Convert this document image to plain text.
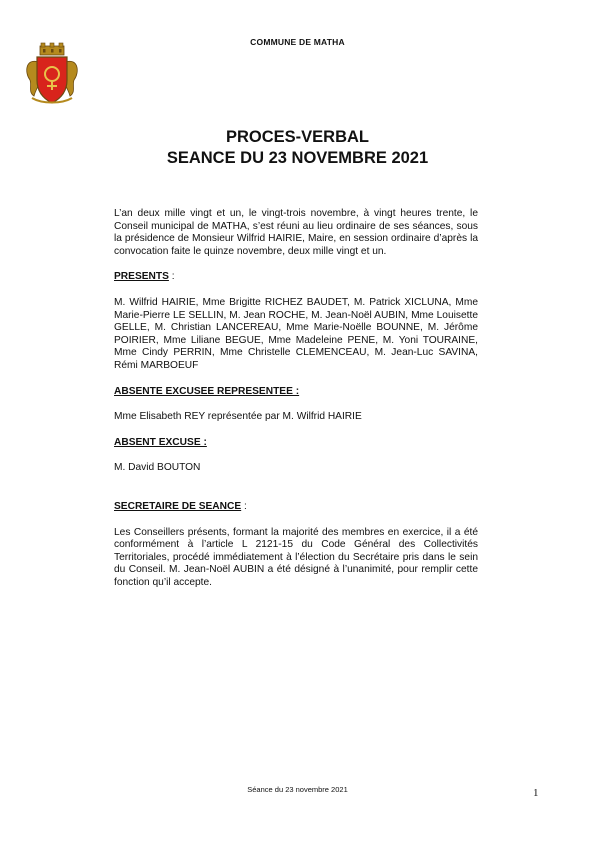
COMMUNE DE MATHA
PROCES-VERBAL
SEANCE DU 23 NOVEMBRE 2021

L’an deux mille vingt et un, le vingt-trois novembre, à vingt heures trente, le Conseil municipal de MATHA, s’est réuni au lieu ordinaire de ses séances, sous la présidence de Monsieur Wilfrid HAIRIE, Maire, en session ordinaire d’après la convocation faite le quinze novembre, deux mille vingt et un.

PRESENTS :

M. Wilfrid HAIRIE, Mme Brigitte RICHEZ BAUDET, M. Patrick XICLUNA, Mme Marie-Pierre LE SELLIN, M. Jean ROCHE, M. Jean-Noël AUBIN, Mme Louisette GELLE, M. Christian LANCEREAU, Mme Marie-Noëlle BOUNNE, M. Jérôme POIRIER, Mme Liliane BEGUE, Mme Madeleine PENE, M. Yoni TOURAINE, Mme Cindy PERRIN, Mme Christelle CLEMENCEAU, M. Jean-Luc SAVINA, Rémi MARBOEUF

ABSENTE EXCUSEE REPRESENTEE :

Mme Elisabeth REY représentée par M. Wilfrid HAIRIE

ABSENT EXCUSE :

M. David BOUTON

SECRETAIRE DE SEANCE :

Les Conseillers présents, formant la majorité des membres en exercice, il a été conformément à l’article L 2121-15 du Code Général des Collectivités Territoriales, procédé immédiatement à l’élection du Secrétaire pris dans le sein du Conseil. M. Jean-Noël AUBIN a été désigné à l’unanimité, pour remplir cette fonction qu’il accepte.

Séance du 23 novembre 2021	1
